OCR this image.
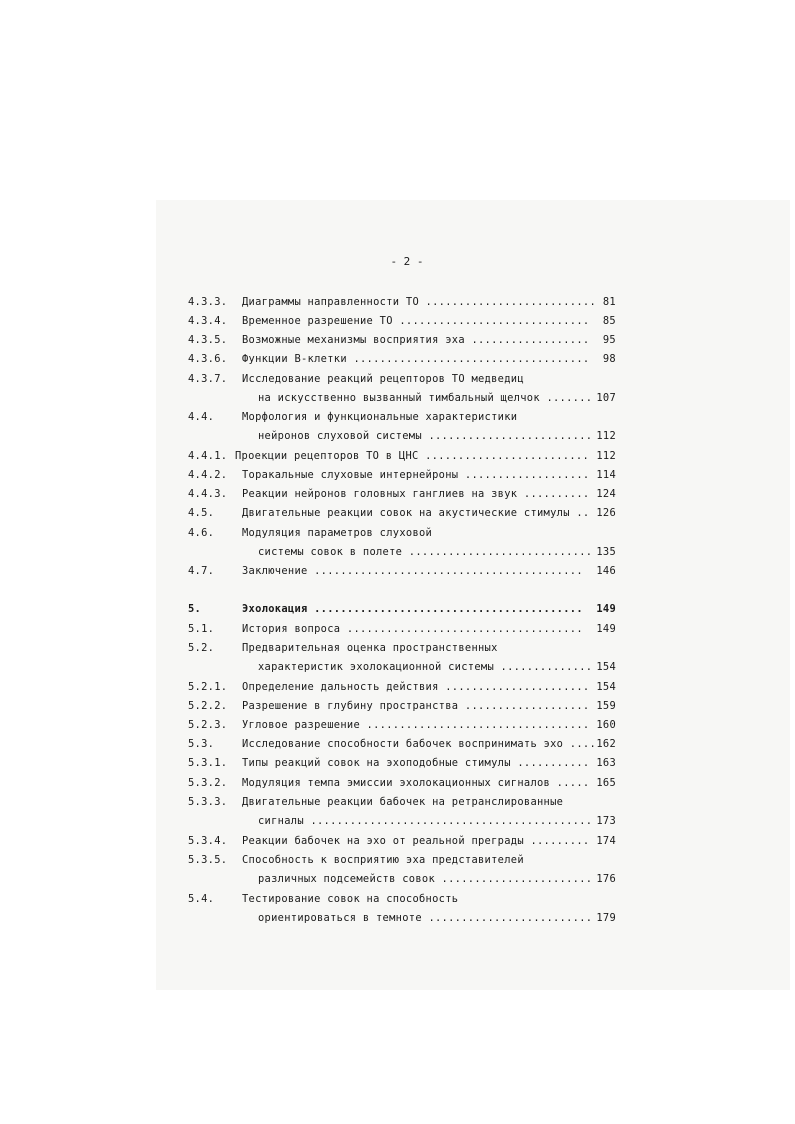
- 2 -
4.3.3. Диаграммы направленности ТО .......................... 81
4.3.4. Временное разрешение ТО ............................. 85
4.3.5. Возможные механизмы восприятия эха .................. 95
4.3.6. Функции B-клетки .................................... 98
4.3.7. Исследование реакций рецепторов ТО медведиц
на искусственно вызванный тимбальный щелчок ....... 107
4.4.	Морфология и функциональные характеристики
нейронов слуховой системы ......................... 112
4.4.1. Проекции рецепторов ТО в ЦНС ......................... 112
4.4.2. Торакальные слуховые интернейроны ................... 114
4.4.3. Реакции нейронов головных ганглиев на звук .......... 124
4.5.	Двигательные реакции совок на акустические стимулы .. 126
4.6.	Модуляция параметров слуховой
системы совок в полете ............................ 135
4.7.	Заключение ......................................... 146
5.	Эхолокация ......................................... 149
5.1.	История вопроса .................................... 149
5.2.	Предварительная оценка пространственных
характеристик эхолокационной системы .............. 154
5.2.1. Определение дальность действия ...................... 154
5.2.2. Разрешение в глубину пространства ................... 159
5.2.3. Угловое разрешение .................................. 160
5.3.	Исследование способности бабочек воспринимать эхо .... 162
5.3.1. Типы реакций совок на эхоподобные стимулы ........... 163
5.3.2. Модуляция темпа эмиссии эхолокационных сигналов ..... 165
5.3.3. Двигательные реакции бабочек на ретранслированные
сигналы ........................................... 173
5.3.4. Реакции бабочек на эхо от реальной преграды ......... 174
5.3.5. Способность к восприятию эха представителей
различных подсемейств совок ....................... 176
5.4.	Тестирование совок на способность
ориентироваться в темноте ......................... 179
